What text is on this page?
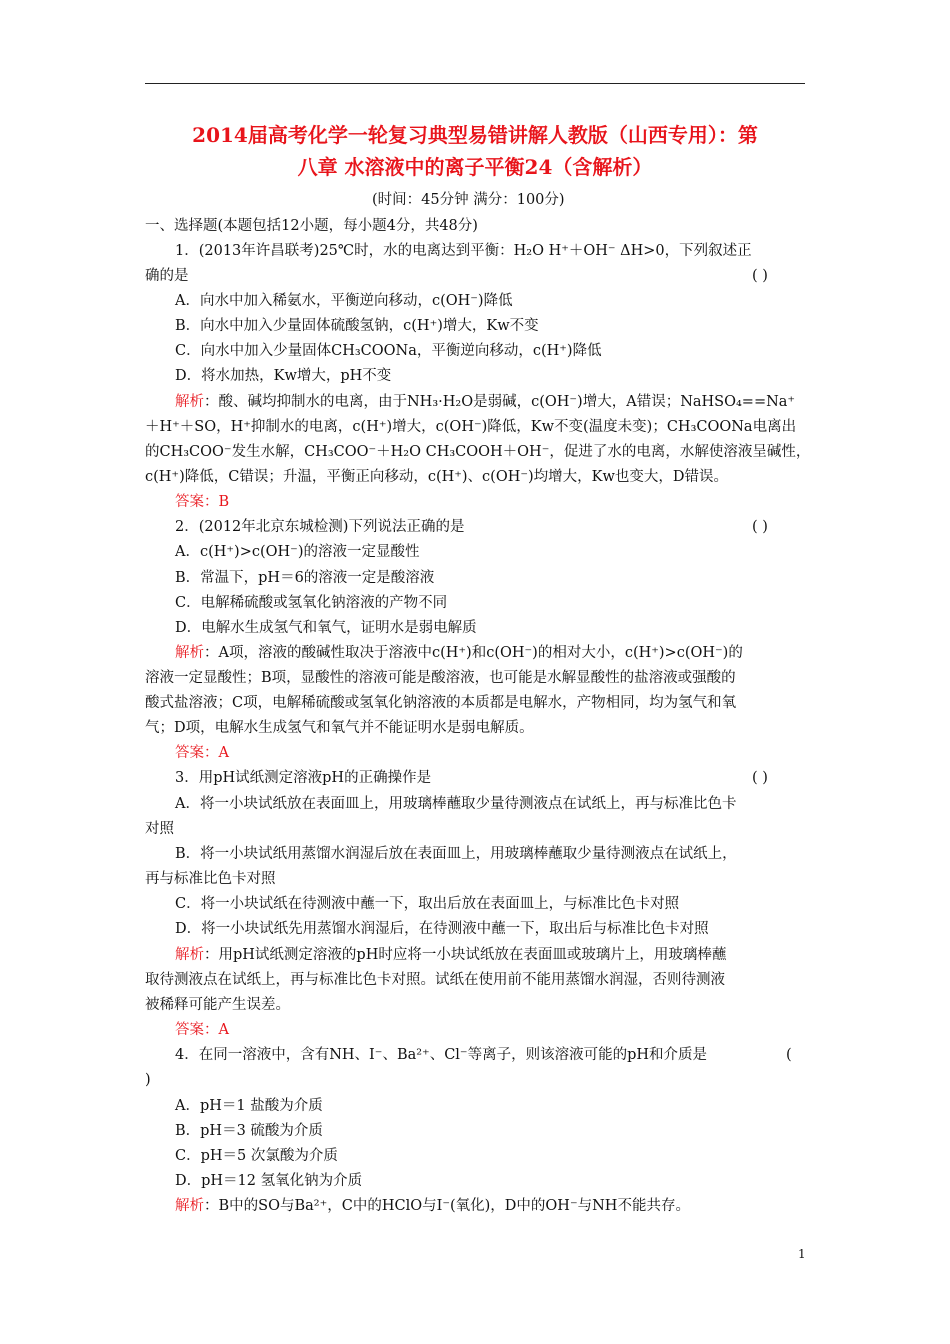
2014届高考化学一轮复习典型易错讲解人教版（山西专用）：第
八章 水溶液中的离子平衡24（含解析）
(时间：45分钟 满分：100分)
一、选择题(本题包括12小题，每小题4分，共48分)
1．(2013年许昌联考)25℃时，水的电离达到平衡：H₂O H⁺＋OH⁻ ΔH>0，下列叙述正
确的是	( )
A．向水中加入稀氨水，平衡逆向移动，c(OH⁻)降低
B．向水中加入少量固体硫酸氢钠，c(H⁺)增大，Kw不变
C．向水中加入少量固体CH₃COONa，平衡逆向移动，c(H⁺)降低
D．将水加热，Kw增大，pH不变
解析：酸、碱均抑制水的电离，由于NH₃·H₂O是弱碱，c(OH⁻)增大，A错误；NaHSO₄==Na⁺
＋H⁺＋SO，H⁺抑制水的电离，c(H⁺)增大，c(OH⁻)降低，Kw不变(温度未变)；CH₃COONa电离出
的CH₃COO⁻发生水解，CH₃COO⁻＋H₂O CH₃COOH＋OH⁻，促进了水的电离，水解使溶液呈碱性，
c(H⁺)降低，C错误；升温，平衡正向移动，c(H⁺)、c(OH⁻)均增大，Kw也变大，D错误。
答案：B
2．(2012年北京东城检测)下列说法正确的是	( )
A．c(H⁺)>c(OH⁻)的溶液一定显酸性
B．常温下，pH＝6的溶液一定是酸溶液
C．电解稀硫酸或氢氧化钠溶液的产物不同
D．电解水生成氢气和氧气，证明水是弱电解质
解析：A项，溶液的酸碱性取决于溶液中c(H⁺)和c(OH⁻)的相对大小，c(H⁺)>c(OH⁻)的
溶液一定显酸性；B项，显酸性的溶液可能是酸溶液，也可能是水解显酸性的盐溶液或强酸的
酸式盐溶液；C项，电解稀硫酸或氢氧化钠溶液的本质都是电解水，产物相同，均为氢气和氧
气；D项，电解水生成氢气和氧气并不能证明水是弱电解质。
答案：A
3．用pH试纸测定溶液pH的正确操作是	( )
A．将一小块试纸放在表面皿上，用玻璃棒蘸取少量待测液点在试纸上，再与标准比色卡
对照
B．将一小块试纸用蒸馏水润湿后放在表面皿上，用玻璃棒蘸取少量待测液点在试纸上，
再与标准比色卡对照
C．将一小块试纸在待测液中蘸一下，取出后放在表面皿上，与标准比色卡对照
D．将一小块试纸先用蒸馏水润湿后，在待测液中蘸一下，取出后与标准比色卡对照
解析：用pH试纸测定溶液的pH时应将一小块试纸放在表面皿或玻璃片上，用玻璃棒蘸
取待测液点在试纸上，再与标准比色卡对照。试纸在使用前不能用蒸馏水润湿，否则待测液
被稀释可能产生误差。
答案：A
4．在同一溶液中，含有NH、I⁻、Ba²⁺、Cl⁻等离子，则该溶液可能的pH和介质是	(
)
A．pH＝1 盐酸为介质
B．pH＝3 硫酸为介质
C．pH＝5 次氯酸为介质
D．pH＝12 氢氧化钠为介质
解析：B中的SO与Ba²⁺，C中的HClO与I⁻(氧化)，D中的OH⁻与NH不能共存。
1
